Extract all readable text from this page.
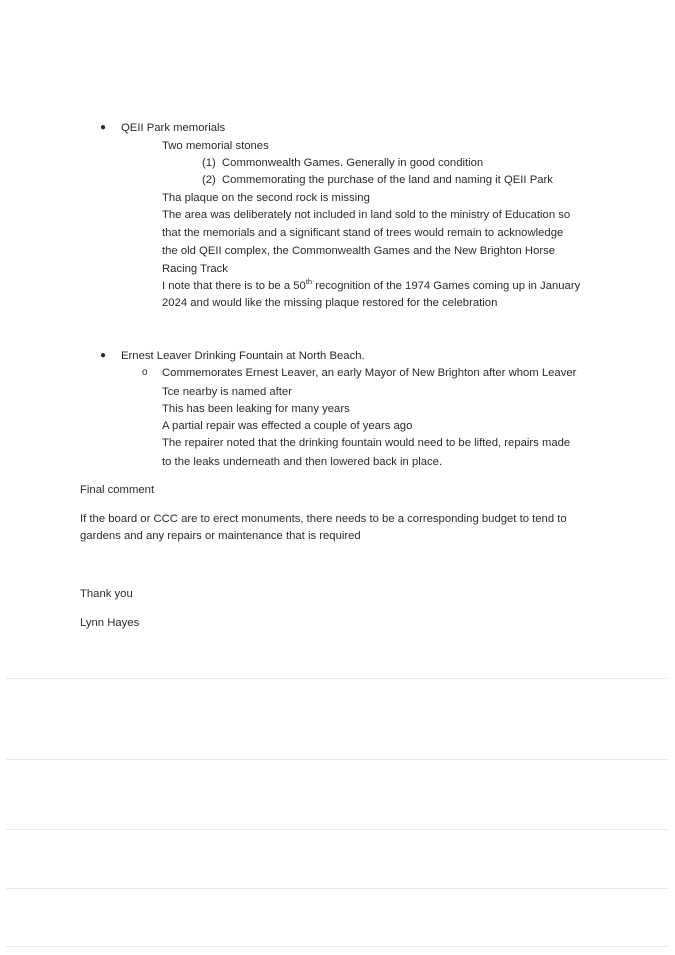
● QEII Park memorials
Two memorial stones
(1) Commonwealth Games. Generally in good condition
(2) Commemorating the purchase of the land and naming it QEII Park
Tha plaque on the second rock is missing
The area was deliberately not included in land sold to the ministry of Education so
that the memorials and a significant stand of trees would remain to acknowledge
the old QEII complex, the Commonwealth Games and the New Brighton Horse
Racing Track
I note that there is to be a 50th recognition of the 1974 Games coming up in January
2024 and would like the missing plaque restored for the celebration
● Ernest Leaver Drinking Fountain at North Beach.
o Commemorates Ernest Leaver, an early Mayor of New Brighton after whom Leaver
Tce nearby is named after
This has been leaking for many years
A partial repair was effected a couple of years ago
The repairer noted that the drinking fountain would need to be lifted, repairs made
to the leaks underneath and then lowered back in place.
Final comment
If the board or CCC are to erect monuments, there needs to be a corresponding budget to tend to
gardens and any repairs or maintenance that is required
Thank you
Lynn Hayes
